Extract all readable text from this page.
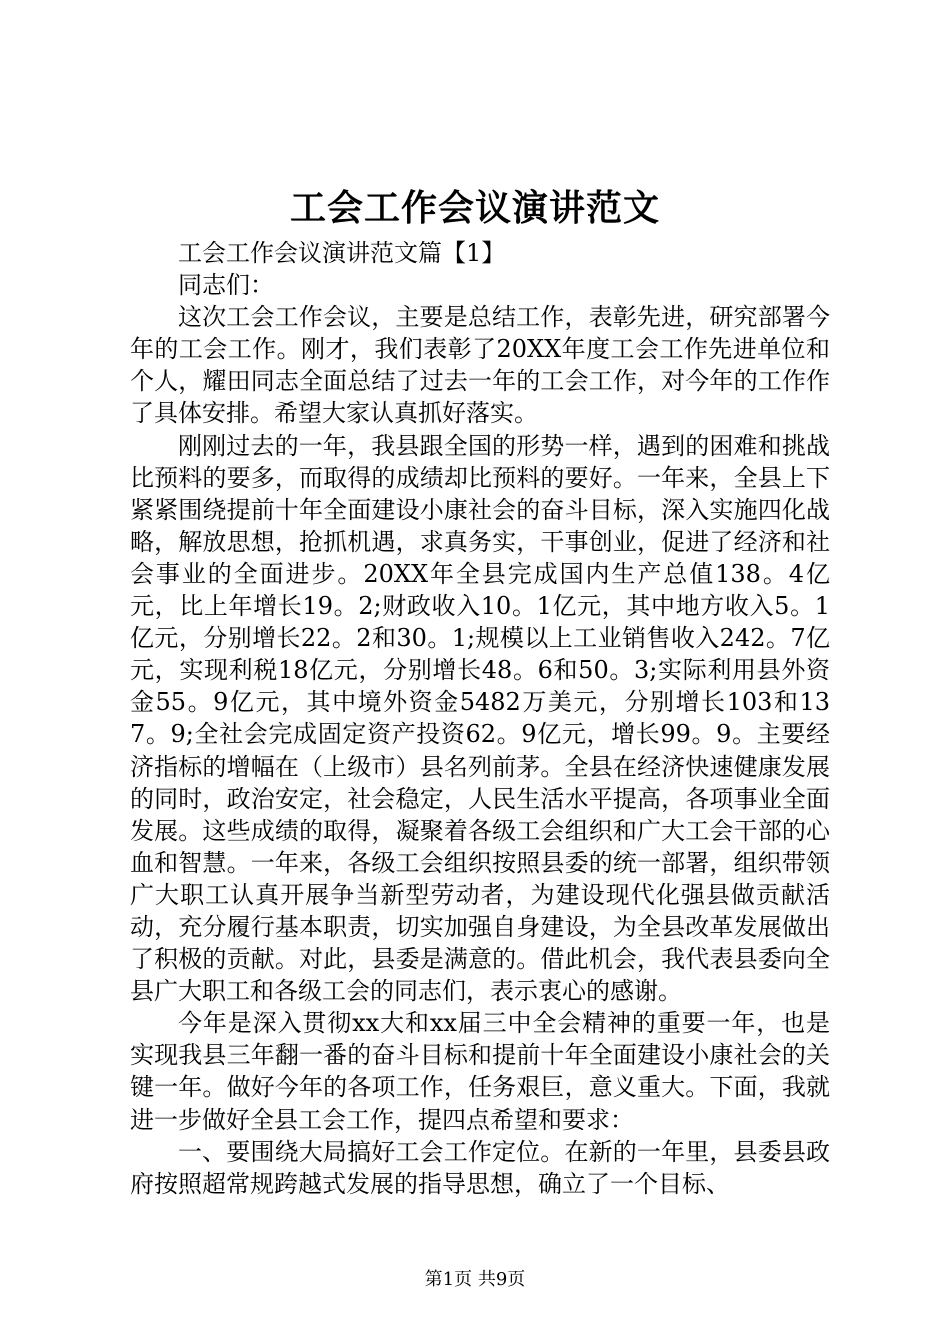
工会工作会议演讲范文

工会工作会议演讲范文篇【1】

同志们：

这次工会工作会议，主要是总结工作，表彰先进，研究部署今年的工会工作。刚才，我们表彰了20XX年度工会工作先进单位和个人，耀田同志全面总结了过去一年的工会工作，对今年的工作作了具体安排。希望大家认真抓好落实。

刚刚过去的一年，我县跟全国的形势一样，遇到的困难和挑战比预料的要多，而取得的成绩却比预料的要好。一年来，全县上下紧紧围绕提前十年全面建设小康社会的奋斗目标，深入实施四化战略，解放思想，抢抓机遇，求真务实，干事创业，促进了经济和社会事业的全面进步。20XX年全县完成国内生产总值138。4亿元，比上年增长19。2;财政收入10。1亿元，其中地方收入5。1亿元，分别增长22。2和30。1;规模以上工业销售收入242。7亿元，实现利税18亿元，分别增长48。6和50。3;实际利用县外资金55。9亿元，其中境外资金5482万美元，分别增长103和137。9;全社会完成固定资产投资62。9亿元，增长99。9。主要经济指标的增幅在（上级市）县名列前茅。全县在经济快速健康发展的同时，政治安定，社会稳定，人民生活水平提高，各项事业全面发展。这些成绩的取得，凝聚着各级工会组织和广大工会干部的心血和智慧。一年来，各级工会组织按照县委的统一部署，组织带领广大职工认真开展争当新型劳动者，为建设现代化强县做贡献活动，充分履行基本职责，切实加强自身建设，为全县改革发展做出了积极的贡献。对此，县委是满意的。借此机会，我代表县委向全县广大职工和各级工会的同志们，表示衷心的感谢。

今年是深入贯彻xx大和xx届三中全会精神的重要一年，也是实现我县三年翻一番的奋斗目标和提前十年全面建设小康社会的关键一年。做好今年的各项工作，任务艰巨，意义重大。下面，我就进一步做好全县工会工作，提四点希望和要求：

一、要围绕大局搞好工会工作定位。在新的一年里，县委县政府按照超常规跨越式发展的指导思想，确立了一个目标、

第1页 共9页
